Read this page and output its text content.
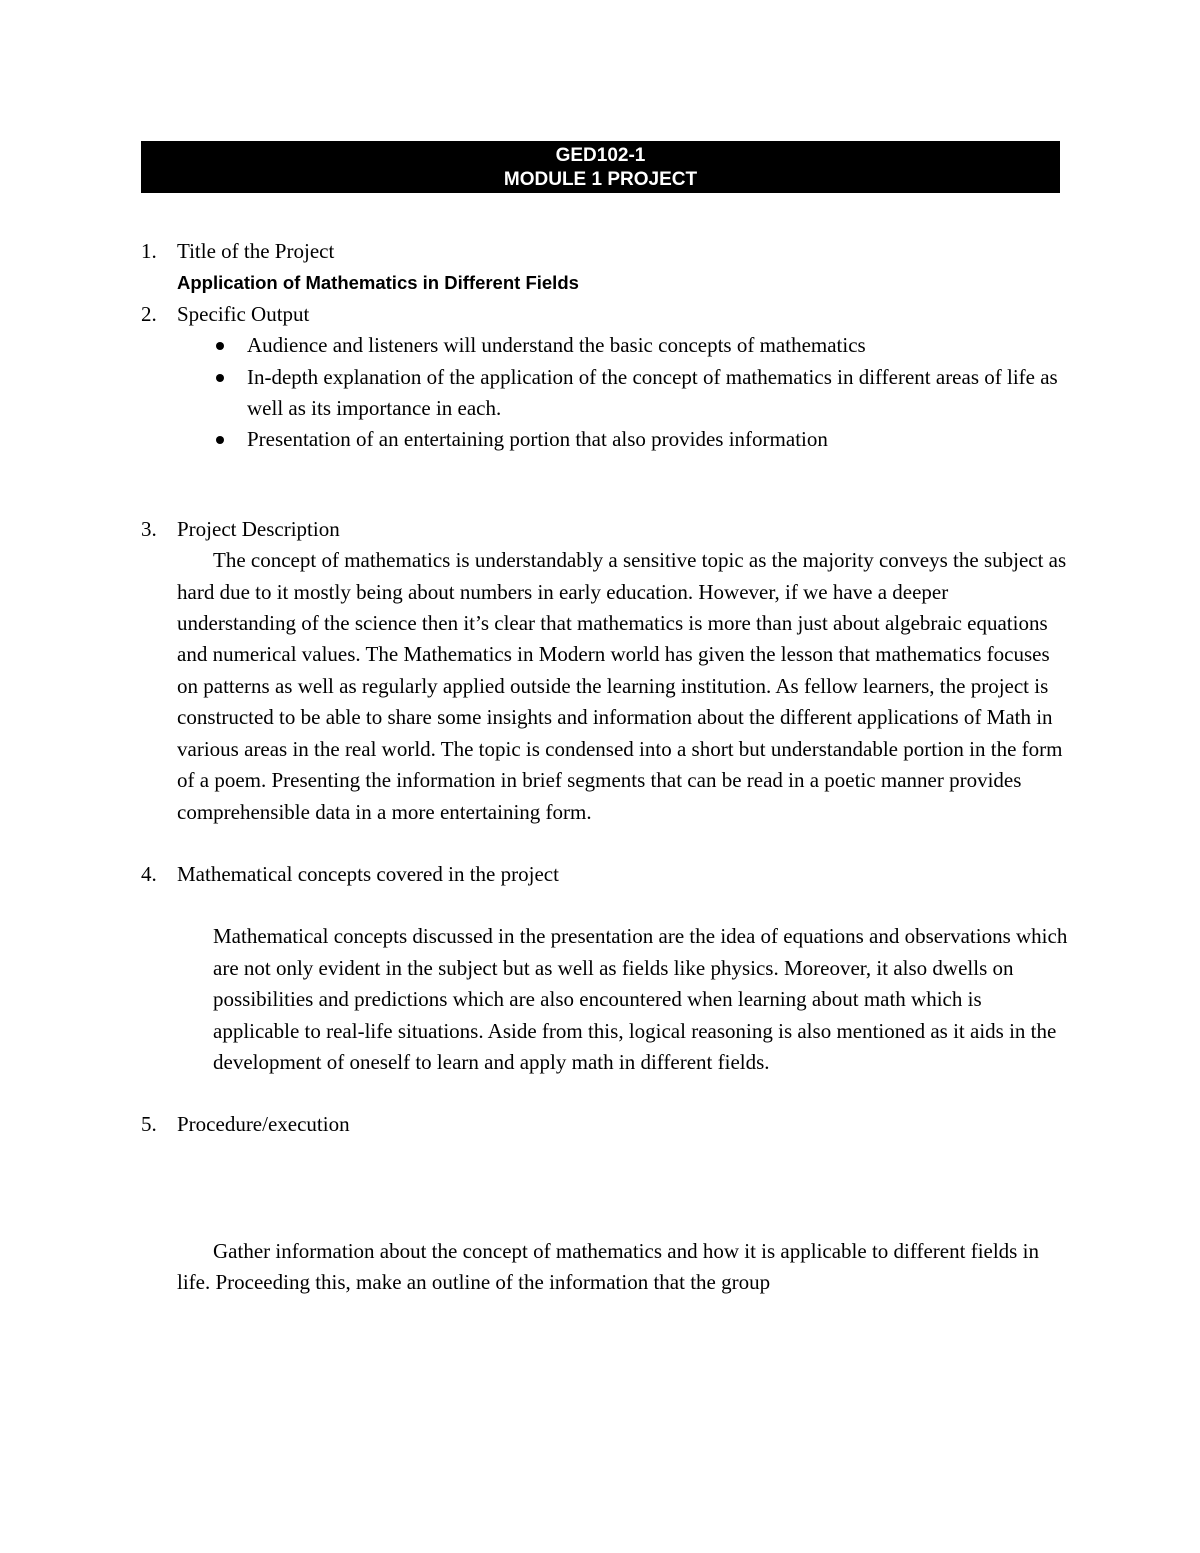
GED102-1
MODULE 1 PROJECT
1. Title of the Project
Application of Mathematics in Different Fields
2. Specific Output
Audience and listeners will understand the basic concepts of mathematics
In-depth explanation of the application of the concept of mathematics in different areas of life as well as its importance in each.
Presentation of an entertaining portion that also provides information
3. Project Description

The concept of mathematics is understandably a sensitive topic as the majority conveys the subject as hard due to it mostly being about numbers in early education. However, if we have a deeper understanding of the science then it’s clear that mathematics is more than just about algebraic equations and numerical values. The Mathematics in Modern world has given the lesson that mathematics focuses on patterns as well as regularly applied outside the learning institution. As fellow learners, the project is constructed to be able to share some insights and information about the different applications of Math in various areas in the real world. The topic is condensed into a short but understandable portion in the form of a poem. Presenting the information in brief segments that can be read in a poetic manner provides comprehensible data in a more entertaining form.

4. Mathematical concepts covered in the project

Mathematical concepts discussed in the presentation are the idea of equations and observations which are not only evident in the subject but as well as fields like physics. Moreover, it also dwells on possibilities and predictions which are also encountered when learning about math which is applicable to real-life situations. Aside from this, logical reasoning is also mentioned as it aids in the development of oneself to learn and apply math in different fields.

5. Procedure/execution

Gather information about the concept of mathematics and how it is applicable to different fields in life. Proceeding this, make an outline of the information that the group
